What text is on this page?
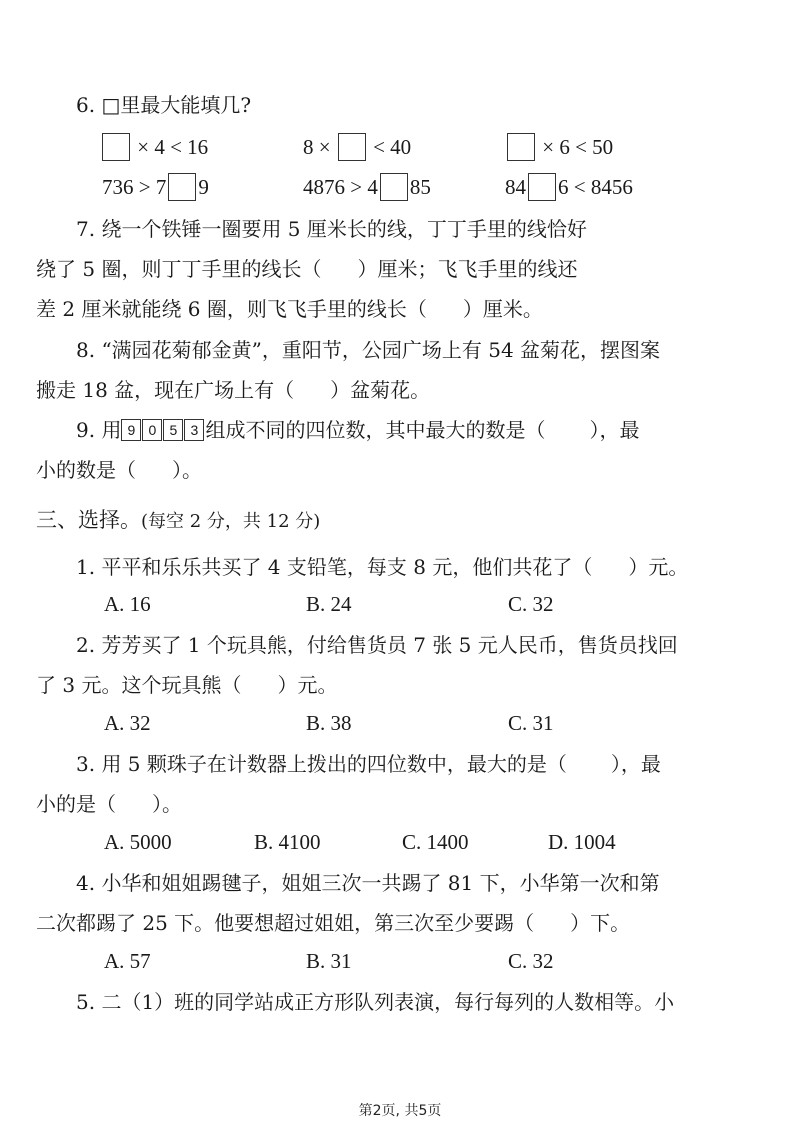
6. □里最大能填几?
× 4 < 16	8 × < 40	× 6 < 50
736 > 7 9	4876 > 4 85	84 6 < 8456
7. 绕一个铁锤一圈要用 5 厘米长的线，丁丁手里的线恰好
绕了 5 圈，则丁丁手里的线长（ ）厘米；飞飞手里的线还
差 2 厘米就能绕 6 圈，则飞飞手里的线长（ ）厘米。
8. “满园花菊郁金黄”，重阳节，公园广场上有 54 盆菊花，摆图案
搬走 18 盆，现在广场上有（ ）盆菊花。
9. 用 9 0 5 3 组成不同的四位数，其中最大的数是（ ），最
小的数是（ ）。
三、选择。(每空 2 分，共 12 分)
1. 平平和乐乐共买了 4 支铅笔，每支 8 元，他们共花了（ ）元。
A. 16	B. 24	C. 32
2. 芳芳买了 1 个玩具熊，付给售货员 7 张 5 元人民币，售货员找回
了 3 元。这个玩具熊（ ）元。
A. 32	B. 38	C. 31
3. 用 5 颗珠子在计数器上拨出的四位数中，最大的是（ ），最
小的是（ ）。
A. 5000	B. 4100	C. 1400	D. 1004
4. 小华和姐姐踢毽子，姐姐三次一共踢了 81 下，小华第一次和第
二次都踢了 25 下。他要想超过姐姐，第三次至少要踢（ ）下。
A. 57	B. 31	C. 32
5. 二（1）班的同学站成正方形队列表演，每行每列的人数相等。小
第2页, 共5页
